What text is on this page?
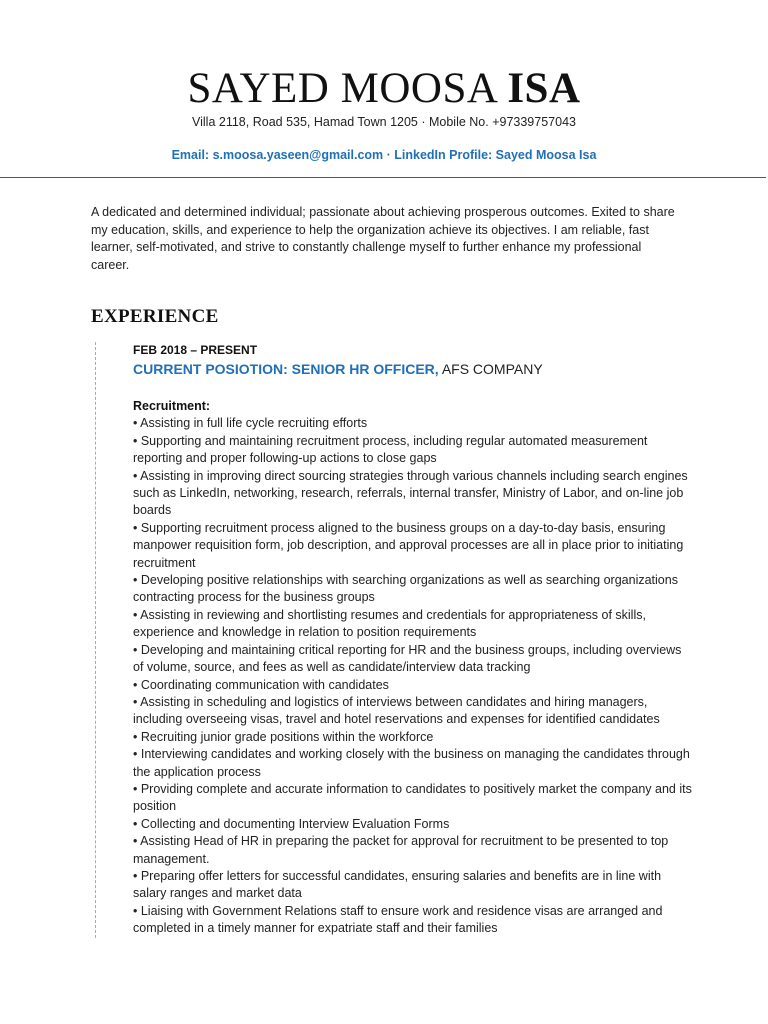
SAYED MOOSA ISA
Villa 2118, Road 535, Hamad Town 1205 · Mobile No. +97339757043
Email: s.moosa.yaseen@gmail.com · LinkedIn Profile: Sayed Moosa Isa

A dedicated and determined individual; passionate about achieving prosperous outcomes. Exited to share my education, skills, and experience to help the organization achieve its objectives. I am reliable, fast learner, self-motivated, and strive to constantly challenge myself to further enhance my professional career.

EXPERIENCE
FEB 2018 – PRESENT
CURRENT POSIOTION: SENIOR HR OFFICER, AFS COMPANY
Recruitment:
• Assisting in full life cycle recruiting efforts
• Supporting and maintaining recruitment process, including regular automated measurement reporting and proper following-up actions to close gaps
• Assisting in improving direct sourcing strategies through various channels including search engines such as LinkedIn, networking, research, referrals, internal transfer, Ministry of Labor, and on-line job boards
• Supporting recruitment process aligned to the business groups on a day-to-day basis, ensuring manpower requisition form, job description, and approval processes are all in place prior to initiating recruitment
• Developing positive relationships with searching organizations as well as searching organizations contracting process for the business groups
• Assisting in reviewing and shortlisting resumes and credentials for appropriateness of skills, experience and knowledge in relation to position requirements
• Developing and maintaining critical reporting for HR and the business groups, including overviews of volume, source, and fees as well as candidate/interview data tracking
• Coordinating communication with candidates
• Assisting in scheduling and logistics of interviews between candidates and hiring managers, including overseeing visas, travel and hotel reservations and expenses for identified candidates
• Recruiting junior grade positions within the workforce
• Interviewing candidates and working closely with the business on managing the candidates through the application process
• Providing complete and accurate information to candidates to positively market the company and its position
• Collecting and documenting Interview Evaluation Forms
• Assisting Head of HR in preparing the packet for approval for recruitment to be presented to top management.
• Preparing offer letters for successful candidates, ensuring salaries and benefits are in line with salary ranges and market data
• Liaising with Government Relations staff to ensure work and residence visas are arranged and completed in a timely manner for expatriate staff and their families
